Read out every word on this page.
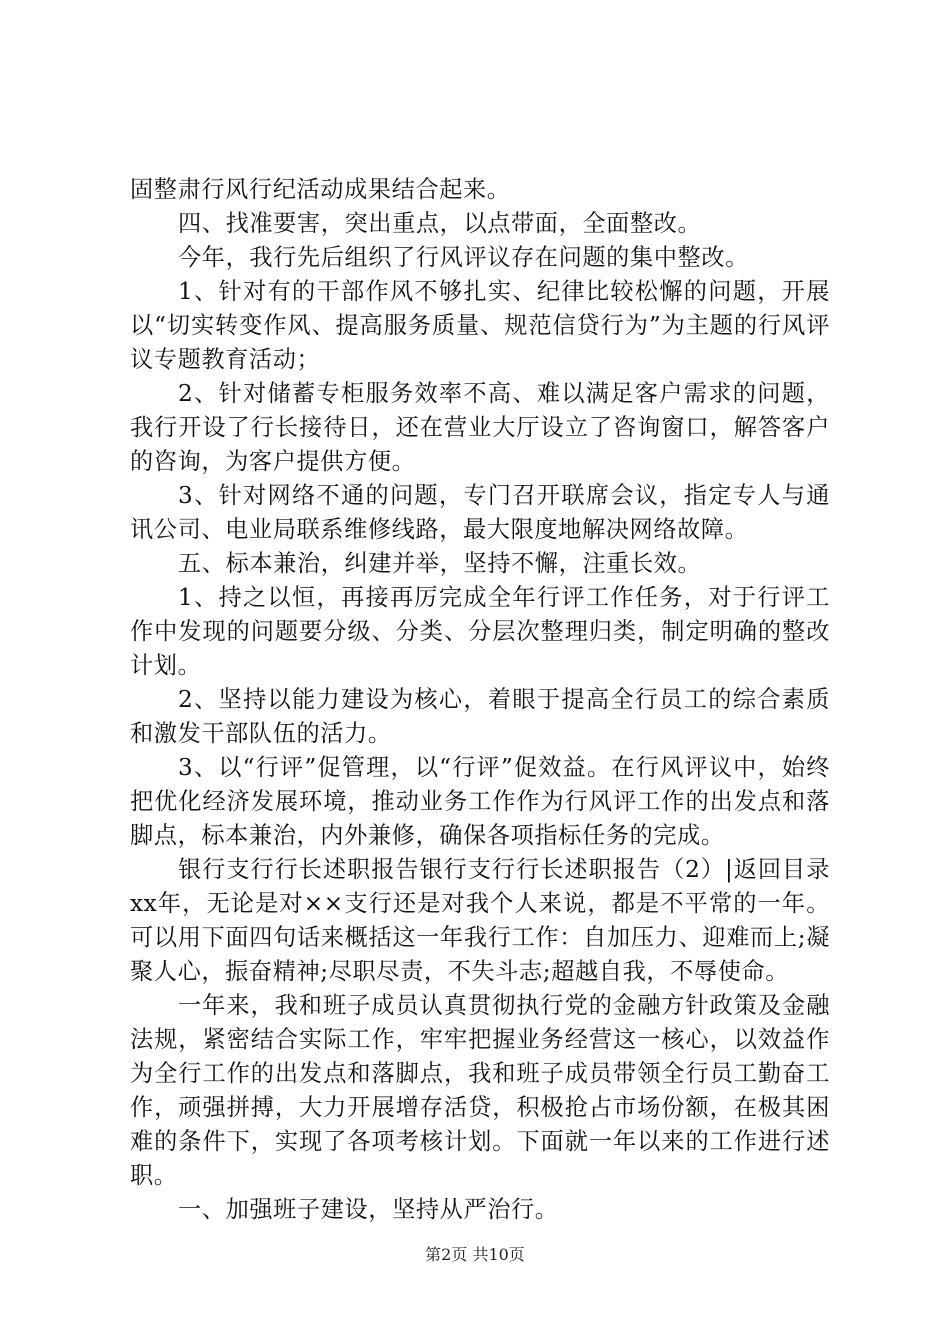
固整肃行风行纪活动成果结合起来。

四、找准要害，突出重点，以点带面，全面整改。

今年，我行先后组织了行风评议存在问题的集中整改。

1、针对有的干部作风不够扎实、纪律比较松懈的问题，开展以“切实转变作风、提高服务质量、规范信贷行为”为主题的行风评议专题教育活动；

2、针对储蓄专柜服务效率不高、难以满足客户需求的问题，我行开设了行长接待日，还在营业大厅设立了咨询窗口，解答客户的咨询，为客户提供方便。

3、针对网络不通的问题，专门召开联席会议，指定专人与通讯公司、电业局联系维修线路，最大限度地解决网络故障。

五、标本兼治，纠建并举，坚持不懈，注重长效。

1、持之以恒，再接再厉完成全年行评工作任务，对于行评工作中发现的问题要分级、分类、分层次整理归类，制定明确的整改计划。

2、坚持以能力建设为核心，着眼于提高全行员工的综合素质和激发干部队伍的活力。

3、以“行评”促管理，以“行评”促效益。在行风评议中，始终把优化经济发展环境，推动业务工作作为行风评工作的出发点和落脚点，标本兼治，内外兼修，确保各项指标任务的完成。

银行支行行长述职报告银行支行行长述职报告（2）|返回目录xx年，无论是对××支行还是对我个人来说，都是不平常的一年。可以用下面四句话来概括这一年我行工作：自加压力、迎难而上;凝聚人心，振奋精神;尽职尽责，不失斗志;超越自我，不辱使命。

一年来，我和班子成员认真贯彻执行党的金融方针政策及金融法规，紧密结合实际工作，牢牢把握业务经营这一核心，以效益作为全行工作的出发点和落脚点，我和班子成员带领全行员工勤奋工作，顽强拼搏，大力开展增存活贷，积极抢占市场份额，在极其困难的条件下，实现了各项考核计划。下面就一年以来的工作进行述职。

一、加强班子建设，坚持从严治行。

第2页 共10页
